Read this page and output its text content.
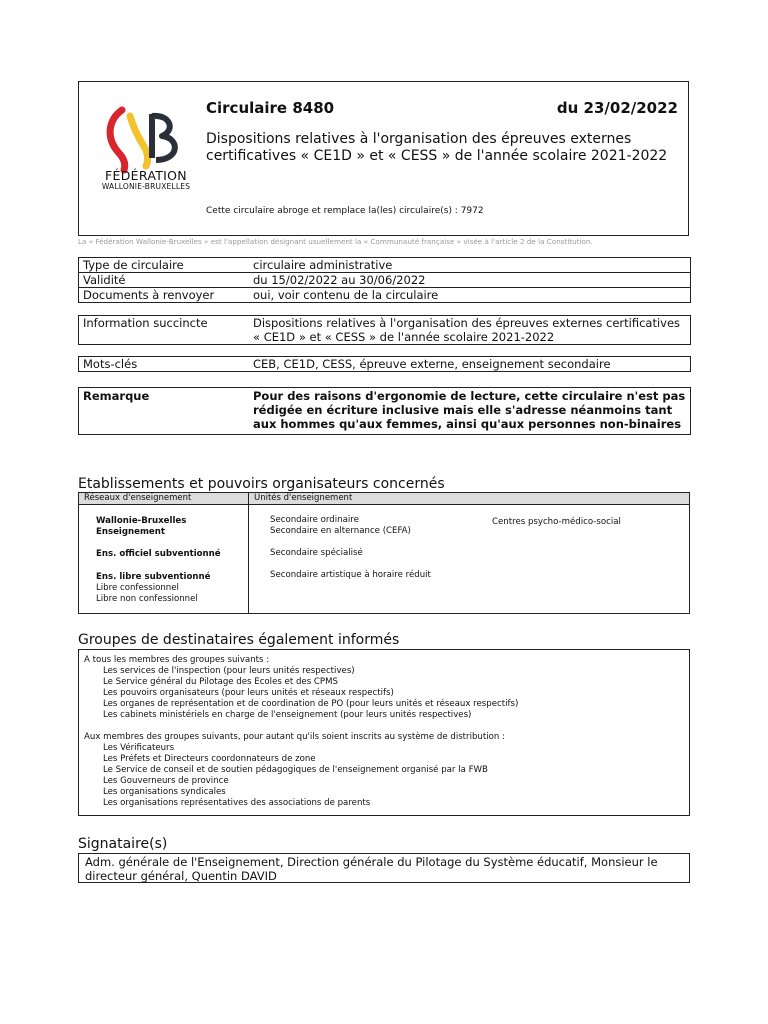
FÉDÉRATION
WALLONIE-BRUXELLES
Circulaire 8480	du 23/02/2022
Dispositions relatives à l'organisation des épreuves externes certificatives « CE1D » et « CESS » de l'année scolaire 2021-2022
Cette circulaire abroge et remplace la(les) circulaire(s) : 7972
La « Fédération Wallonie-Bruxelles » est l'appellation désignant usuellement la « Communauté française » visée à l'article 2 de la Constitution.
Type de circulaire	circulaire administrative
Validité	du 15/02/2022 au 30/06/2022
Documents à renvoyer	oui, voir contenu de la circulaire
Information succincte	Dispositions relatives à l'organisation des épreuves externes certificatives « CE1D » et « CESS » de l'année scolaire 2021-2022
Mots-clés	CEB, CE1D, CESS, épreuve externe, enseignement secondaire
Remarque	Pour des raisons d'ergonomie de lecture, cette circulaire n'est pas rédigée en écriture inclusive mais elle s'adresse néanmoins tant aux hommes qu'aux femmes, ainsi qu'aux personnes non-binaires
Etablissements et pouvoirs organisateurs concernés
Réseaux d'enseignement	Unités d'enseignement
Wallonie-Bruxelles
Enseignement
Ens. officiel subventionné
Ens. libre subventionné
Libre confessionnel
Libre non confessionnel
Secondaire ordinaire
Secondaire en alternance (CEFA)
Secondaire spécialisé
Secondaire artistique à horaire réduit
Centres psycho-médico-social
Groupes de destinataires également informés
A tous les membres des groupes suivants :
Les services de l'inspection (pour leurs unités respectives)
Le Service général du Pilotage des Ecoles et des CPMS
Les pouvoirs organisateurs (pour leurs unités et réseaux respectifs)
Les organes de représentation et de coordination de PO (pour leurs unités et réseaux respectifs)
Les cabinets ministériels en charge de l'enseignement (pour leurs unités respectives)
Aux membres des groupes suivants, pour autant qu'ils soient inscrits au système de distribution :
Les Vérificateurs
Les Préfets et Directeurs coordonnateurs de zone
Le Service de conseil et de soutien pédagogiques de l'enseignement organisé par la FWB
Les Gouverneurs de province
Les organisations syndicales
Les organisations représentatives des associations de parents
Signataire(s)
Adm. générale de l'Enseignement, Direction générale du Pilotage du Système éducatif, Monsieur le directeur général, Quentin DAVID
